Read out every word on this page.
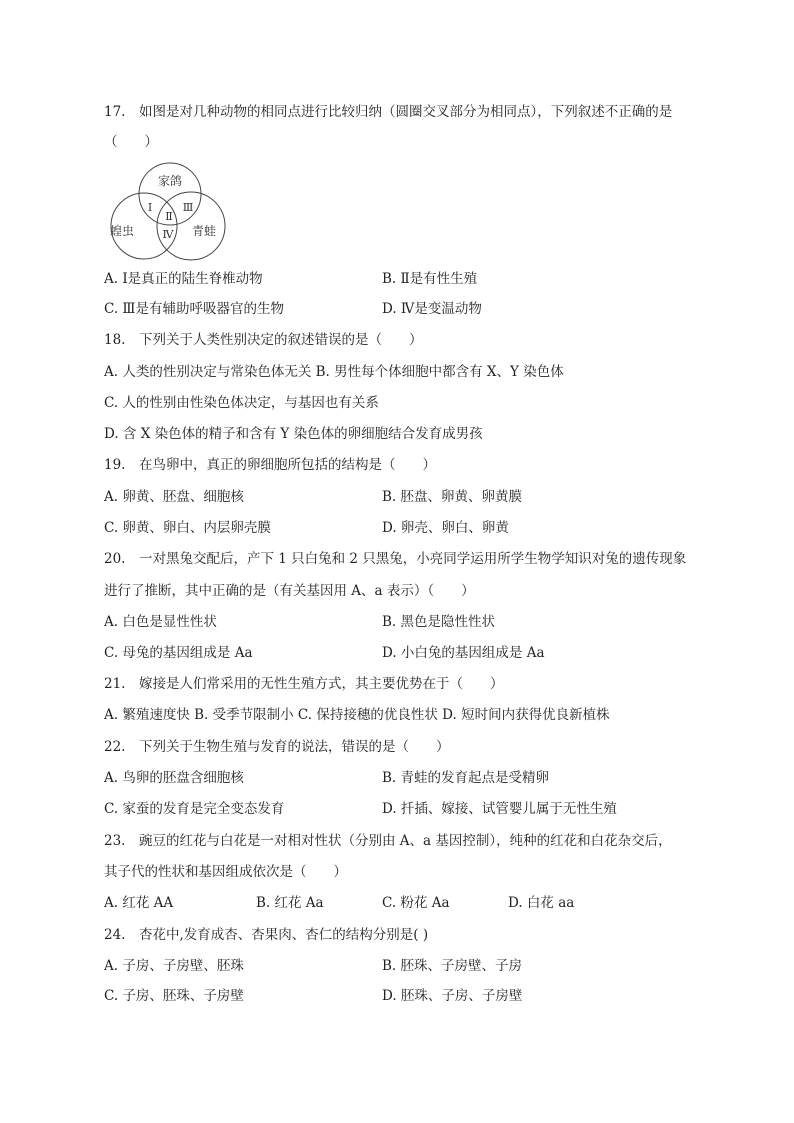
17.　如图是对几种动物的相同点进行比较归纳（圆圈交叉部分为相同点），下列叙述不正确的是
（　　）
家鸽
蝗虫	青蛙
Ⅰ
Ⅱ
Ⅲ
Ⅳ
A. Ⅰ是真正的陆生脊椎动物	B. Ⅱ是有性生殖
C. Ⅲ是有辅助呼吸器官的生物	D. Ⅳ是变温动物
18.　下列关于人类性别决定的叙述错误的是（　　）
A. 人类的性别决定与常染色体无关 B. 男性每个体细胞中都含有 X、Y 染色体
C. 人的性别由性染色体决定，与基因也有关系
D. 含 X 染色体的精子和含有 Y 染色体的卵细胞结合发育成男孩
19.　在鸟卵中，真正的卵细胞所包括的结构是（　　）
A. 卵黄、胚盘、细胞核	B. 胚盘、卵黄、卵黄膜
C. 卵黄、卵白、内层卵壳膜	D. 卵壳、卵白、卵黄
20.　一对黑兔交配后，产下 1 只白兔和 2 只黑兔，小亮同学运用所学生物学知识对兔的遗传现象
进行了推断，其中正确的是（有关基因用 A、a 表示）（　　）
A. 白色是显性性状	B. 黑色是隐性性状
C. 母兔的基因组成是 Aa	D. 小白兔的基因组成是 Aa
21.　嫁接是人们常采用的无性生殖方式，其主要优势在于（　　）
A. 繁殖速度快 B. 受季节限制小 C. 保持接穗的优良性状 D. 短时间内获得优良新植株
22.　下列关于生物生殖与发育的说法，错误的是（　　）
A. 鸟卵的胚盘含细胞核	B. 青蛙的发育起点是受精卵
C. 家蚕的发育是完全变态发育	D. 扦插、嫁接、试管婴儿属于无性生殖
23.　豌豆的红花与白花是一对相对性状（分别由 A、a 基因控制），纯种的红花和白花杂交后，
其子代的性状和基因组成依次是（　　）
A. 红花 AA	B. 红花 Aa	C. 粉花 Aa	D. 白花 aa
24.　杏花中,发育成杏、杏果肉、杏仁的结构分别是( )
A. 子房、子房壁、胚珠	B. 胚珠、子房壁、子房
C. 子房、胚珠、子房壁	D. 胚珠、子房、子房壁
